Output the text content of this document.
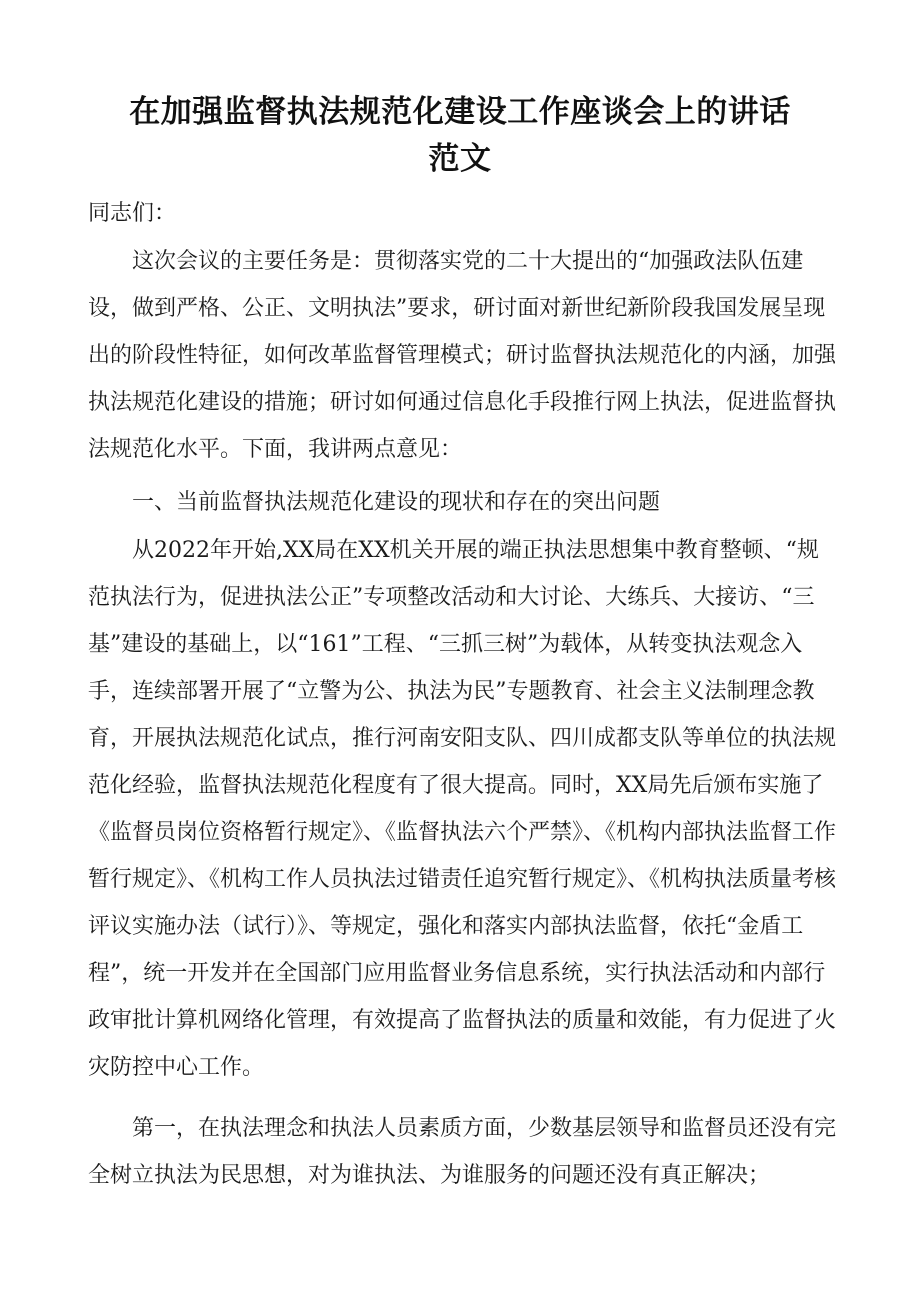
在加强监督执法规范化建设工作座谈会上的讲话
范文

同志们：

这次会议的主要任务是：贯彻落实党的二十大提出的“加强政法队伍建设，做到严格、公正、文明执法”要求，研讨面对新世纪新阶段我国发展呈现出的阶段性特征，如何改革监督管理模式；研讨监督执法规范化的内涵，加强执法规范化建设的措施；研讨如何通过信息化手段推行网上执法，促进监督执法规范化水平。下面，我讲两点意见：

一、当前监督执法规范化建设的现状和存在的突出问题

从2022年开始,XX局在XX机关开展的端正执法思想集中教育整顿、“规范执法行为，促进执法公正”专项整改活动和大讨论、大练兵、大接访、“三基”建设的基础上，以“161”工程、“三抓三树”为载体，从转变执法观念入手，连续部署开展了“立警为公、执法为民”专题教育、社会主义法制理念教育，开展执法规范化试点，推行河南安阳支队、四川成都支队等单位的执法规范化经验，监督执法规范化程度有了很大提高。同时，XX局先后颁布实施了《监督员岗位资格暂行规定》、《监督执法六个严禁》、《机构内部执法监督工作暂行规定》、《机构工作人员执法过错责任追究暂行规定》、《机构执法质量考核评议实施办法（试行）》、等规定，强化和落实内部执法监督，依托“金盾工程”，统一开发并在全国部门应用监督业务信息系统，实行执法活动和内部行政审批计算机网络化管理，有效提高了监督执法的质量和效能，有力促进了火灾防控中心工作。

第一，在执法理念和执法人员素质方面，少数基层领导和监督员还没有完全树立执法为民思想，对为谁执法、为谁服务的问题还没有真正解决；
